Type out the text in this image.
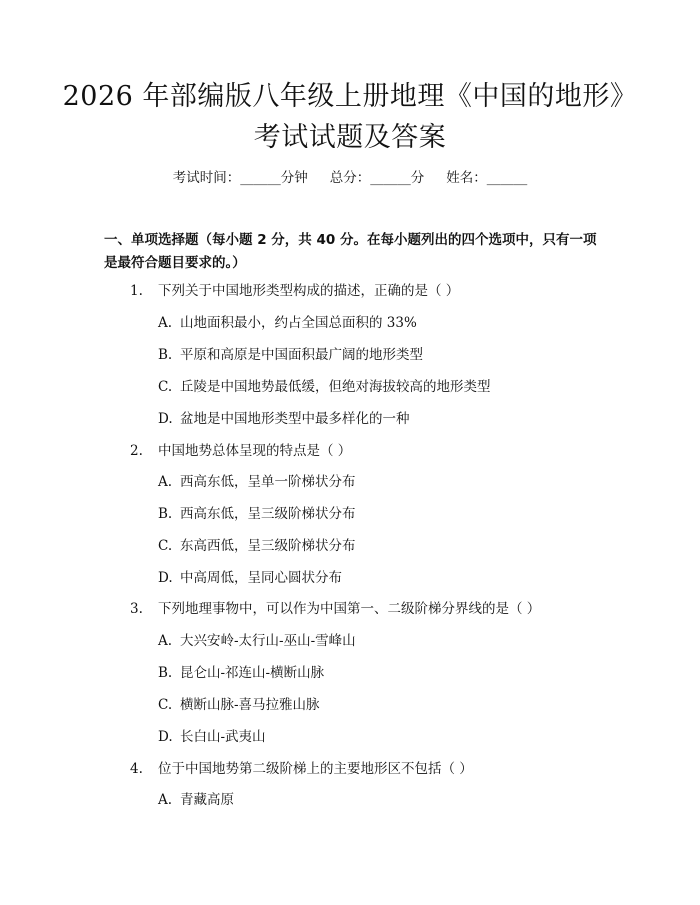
2026 年部编版八年级上册地理《中国的地形》考试试题及答案
考试时间：______分钟 总分：______分 姓名：______
一、单项选择题（每小题 2 分，共 40 分。在每小题列出的四个选项中，只有一项是最符合题目要求的。）
1. 下列关于中国地形类型构成的描述，正确的是（ ）
A. 山地面积最小，约占全国总面积的 33%
B. 平原和高原是中国面积最广阔的地形类型
C. 丘陵是中国地势最低缓，但绝对海拔较高的地形类型
D. 盆地是中国地形类型中最多样化的一种
2. 中国地势总体呈现的特点是（ ）
A. 西高东低，呈单一阶梯状分布
B. 西高东低，呈三级阶梯状分布
C. 东高西低，呈三级阶梯状分布
D. 中高周低，呈同心圆状分布
3. 下列地理事物中，可以作为中国第一、二级阶梯分界线的是（ ）
A. 大兴安岭-太行山-巫山-雪峰山
B. 昆仑山-祁连山-横断山脉
C. 横断山脉-喜马拉雅山脉
D. 长白山-武夷山
4. 位于中国地势第二级阶梯上的主要地形区不包括（ ）
A. 青藏高原
